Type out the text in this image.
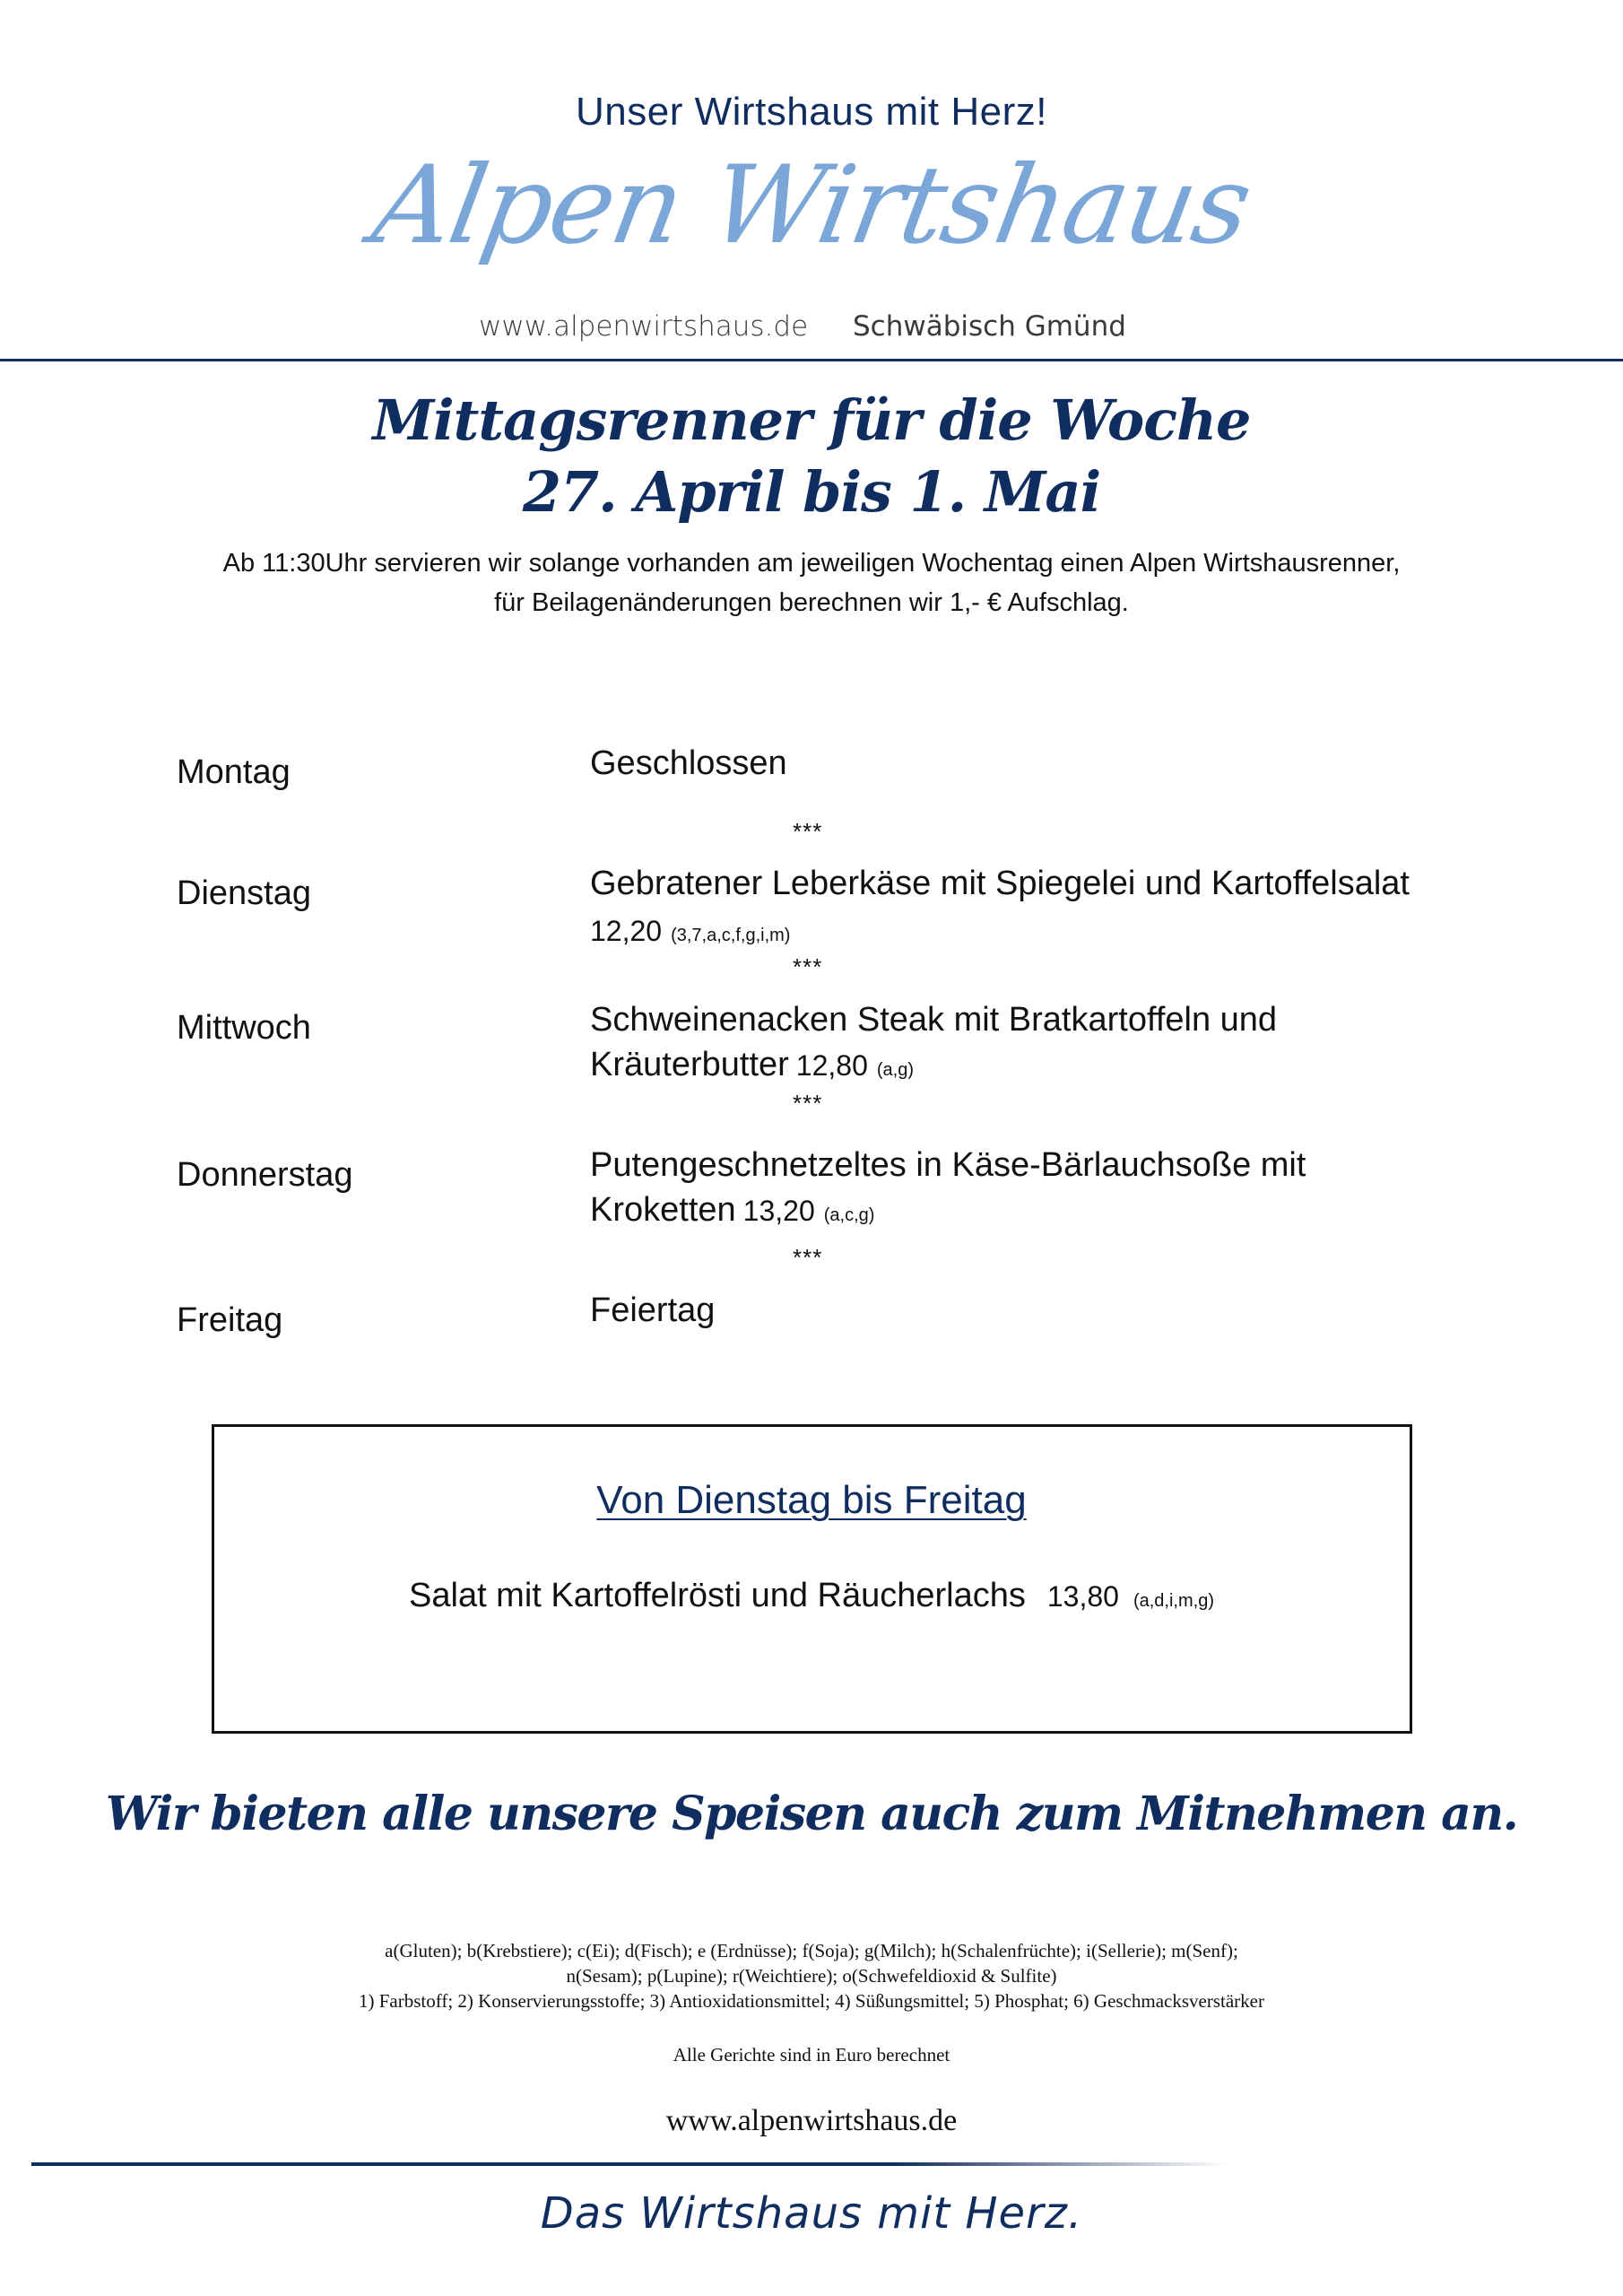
Unser Wirtshaus mit Herz!
Alpen Wirtshaus
www.alpenwirtshaus.de Schwäbisch Gmünd
Mittagsrenner für die Woche
27. April bis 1. Mai
Ab 11:30Uhr servieren wir solange vorhanden am jeweiligen Wochentag einen Alpen Wirtshausrenner,
für Beilagenänderungen berechnen wir 1,- € Aufschlag.
Montag	Geschlossen
***
Dienstag	Gebratener Leberkäse mit Spiegelei und Kartoffelsalat
12,20 (3,7,a,c,f,g,i,m)
***
Mittwoch	Schweinenacken Steak mit Bratkartoffeln und
Kräuterbutter 12,80 (a,g)
***
Donnerstag	Putengeschnetzeltes in Käse-Bärlauchsoße mit
Kroketten 13,20 (a,c,g)
***
Freitag	Feiertag
Von Dienstag bis Freitag
Salat mit Kartoffelrösti und Räucherlachs 13,80 (a,d,i,m,g)
Wir bieten alle unsere Speisen auch zum Mitnehmen an.
a(Gluten); b(Krebstiere); c(Ei); d(Fisch); e (Erdnüsse); f(Soja); g(Milch); h(Schalenfrüchte); i(Sellerie); m(Senf);
n(Sesam); p(Lupine); r(Weichtiere); o(Schwefeldioxid & Sulfite)
1) Farbstoff; 2) Konservierungsstoffe; 3) Antioxidationsmittel; 4) Süßungsmittel; 5) Phosphat; 6) Geschmacksverstärker
Alle Gerichte sind in Euro berechnet
www.alpenwirtshaus.de
Das Wirtshaus mit Herz.
